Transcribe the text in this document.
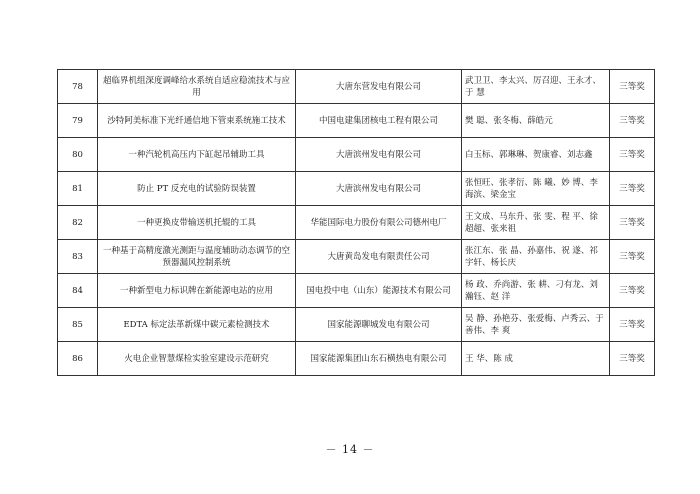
78	超临界机组深度调峰给水系统自适应稳流技术与应用	大唐东营发电有限公司	武卫卫、李太兴、厉召迎、王永才、于 慧	三等奖
79	沙特阿美标准下光纤通信地下管束系统施工技术	中国电建集团核电工程有限公司	樊 聪、张冬梅、薛皓元	三等奖
80	一种汽轮机高压内下缸起吊辅助工具	大唐滨州发电有限公司	白玉标、郭琳琳、贺康睿、刘志鑫	三等奖
81	防止 PT 反充电的试验防误装置	大唐滨州发电有限公司	张恒旺、张孝衍、陈 曦、妙 博、李海滨、梁金宝	三等奖
82	一种更换皮带输送机托辊的工具	华能国际电力股份有限公司德州电厂	王文成、马东升、张 雯、程 平、徐超超、张来祖	三等奖
83	一种基于高精度激光测距与温度辅助动态调节的空预器漏风控制系统	大唐黄岛发电有限责任公司	张江东、张 晶、孙嘉伟、祝 遂、祁宇轩、杨长庆	三等奖
84	一种新型电力标识牌在新能源电站的应用	国电投中电（山东）能源技术有限公司	杨 政、乔尚游、张 耕、刁有龙、刘瀚钰、赵 洋	三等奖
85	EDTA 标定法革新煤中碳元素检测技术	国家能源聊城发电有限公司	吴 静、孙艳芬、张爱梅、卢秀云、于善伟、李 爽	三等奖
86	火电企业智慧煤检实验室建设示范研究	国家能源集团山东石横热电有限公司	王 华、陈 成	三等奖
－ 14 －
